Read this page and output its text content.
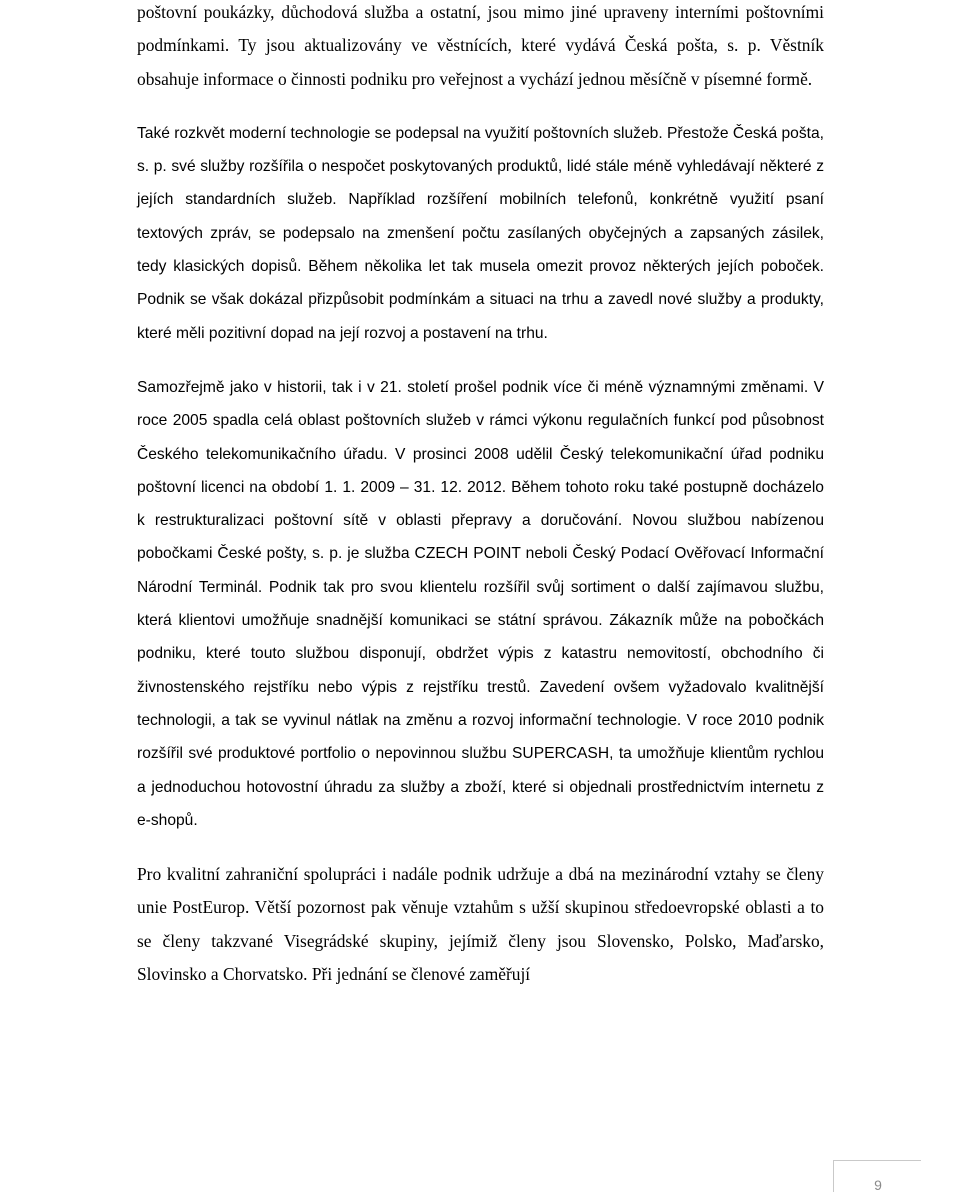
poštovní poukázky, důchodová služba a ostatní, jsou mimo jiné upraveny interními poštovními podmínkami. Ty jsou aktualizovány ve věstnících, které vydává Česká pošta, s. p. Věstník obsahuje informace o činnosti podniku pro veřejnost a vychází jednou měsíčně v písemné formě.

Také rozkvět moderní technologie se podepsal na využití poštovních služeb. Přestože Česká pošta, s. p. své služby rozšířila o nespočet poskytovaných produktů, lidé stále méně vyhledávají některé z jejích standardních služeb. Například rozšíření mobilních telefonů, konkrétně využití psaní textových zpráv, se podepsalo na zmenšení počtu zasílaných obyčejných a zapsaných zásilek, tedy klasických dopisů. Během několika let tak musela omezit provoz některých jejích poboček. Podnik se však dokázal přizpůsobit podmínkám a situaci na trhu a zavedl nové služby a produkty, které měli pozitivní dopad na její rozvoj a postavení na trhu.

Samozřejmě jako v historii, tak i v 21. století prošel podnik více či méně významnými změnami. V roce 2005 spadla celá oblast poštovních služeb v rámci výkonu regulačních funkcí pod působnost Českého telekomunikačního úřadu. V prosinci 2008 udělil Český telekomunikační úřad podniku poštovní licenci na období 1. 1. 2009 – 31. 12. 2012. Během tohoto roku také postupně docházelo k restrukturalizaci poštovní sítě v oblasti přepravy a doručování. Novou službou nabízenou pobočkami České pošty, s. p. je služba CZECH POINT neboli Český Podací Ověřovací Informační Národní Terminál. Podnik tak pro svou klientelu rozšířil svůj sortiment o další zajímavou službu, která klientovi umožňuje snadnější komunikaci se státní správou. Zákazník může na pobočkách podniku, které touto službou disponují, obdržet výpis z katastru nemovitostí, obchodního či živnostenského rejstříku nebo výpis z rejstříku trestů. Zavedení ovšem vyžadovalo kvalitnější technologii, a tak se vyvinul nátlak na změnu a rozvoj informační technologie. V roce 2010 podnik rozšířil své produktové portfolio o nepovinnou službu SUPERCASH, ta umožňuje klientům rychlou a jednoduchou hotovostní úhradu za služby a zboží, které si objednali prostřednictvím internetu z e-shopů.

Pro kvalitní zahraniční spolupráci i nadále podnik udržuje a dbá na mezinárodní vztahy se členy unie PostEurop. Větší pozornost pak věnuje vztahům s užší skupinou středoevropské oblasti a to se členy takzvané Visegrádské skupiny, jejímiž členy jsou Slovensko, Polsko, Maďarsko, Slovinsko a Chorvatsko. Při jednání se členové zaměřují

9
